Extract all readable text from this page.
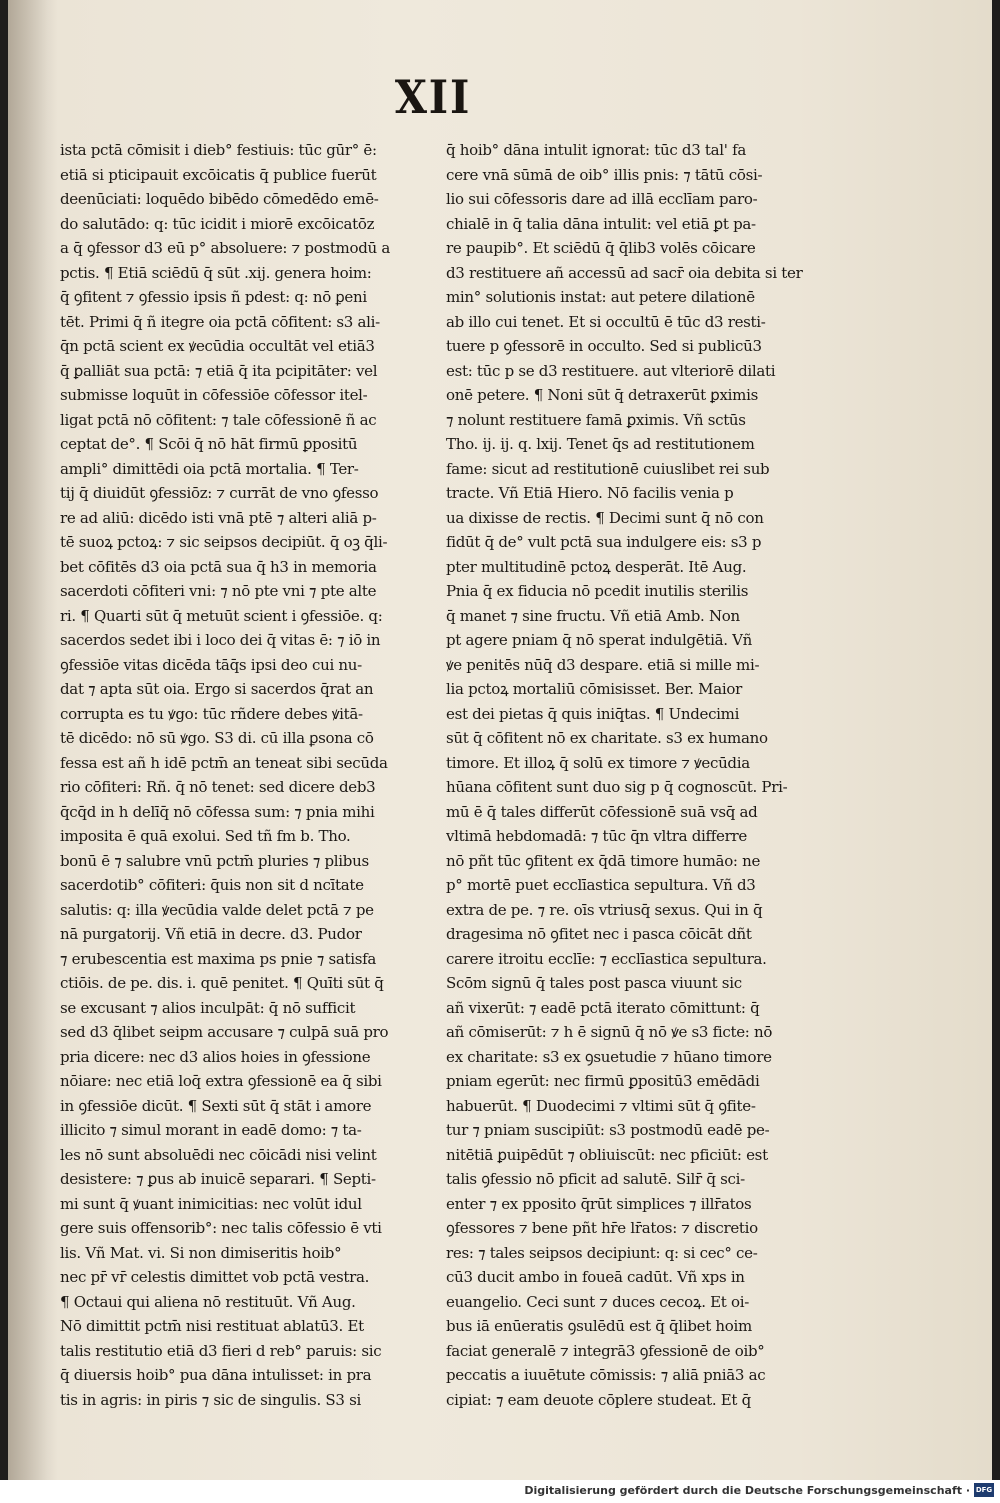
XII
ista pctā cōmisit i dieb° festiuis: tūc gūr° ē:
etiā si pticipauit excōicatis q̄ publice fuerūt
deenūciati: loquēdo bibēdo cōmedēdo emē-
do salutādo: q: tūc icidit i miorē excōicatōz
a q̄ ꝯfessor d3 eū p° absoluere: ⁊ postmodū a
pctis. ¶ Etiā sciēdū q̄ sūt .xij. genera hoim:
q̄ ꝯfitent ⁊ ꝯfessio ipsis ñ pdest: q: nō ꝑeni
tēt. Primi q̄ ñ itegre oia pctā cōfitent: s3 ali-
q̄n pctā scient ex ꝟecūdia occultāt vel etiā3
q̄ ꝑalliāt sua pctā: ⁊ etiā q̄ ita pcipitāter: vel
submisse loquūt in cōfessiōe cōfessor itel-
ligat pctā nō cōfitent: ⁊ tale cōfessionē ñ ac
ceptat de°. ¶ Scōi q̄ nō hāt firmū ꝑpositū
ampli° dimittēdi oia pctā mortalia. ¶ Ter-
tij q̄ diuidūt ꝯfessiōz: ⁊ currāt de vno ꝯfesso
re ad aliū: dicēdo isti vnā ptē ⁊ alteri aliā p-
tē suoꝝ pctoꝝ: ⁊ sic seipsos decipiūt. q̄ oꝫ q̄li-
bet cōfitēs d3 oia pctā sua q̄ h3 in memoria
sacerdoti cōfiteri vni: ⁊ nō pte vni ⁊ pte alte
ri. ¶ Quarti sūt q̄ metuūt scient i ꝯfessiōe. q:
sacerdos sedet ibi i loco dei q̄ vitas ē: ⁊ iō in
ꝯfessiōe vitas dicēda tāq̄s ipsi deo cui nu-
dat ⁊ apta sūt oia. Ergo si sacerdos q̄rat an
corrupta es tu ꝟgo: tūc rñdere debes ꝟitā-
tē dicēdo: nō sū ꝟgo. S3 di. cū illa ꝑsona cō
fessa est añ h idē pctm̄ an teneat sibi secūda
rio cōfiteri: Rñ. q̄ nō tenet: sed dicere deb3
q̄cq̄d in h delīq̄ nō cōfessa sum: ⁊ pnia mihi
imposita ē quā exolui. Sed tñ fm b. Tho.
bonū ē ⁊ salubre vnū pctm̄ pluries ⁊ plibus
sacerdotib° cōfiteri: q̄uis non sit d ncītate
salutis: q: illa ꝟecūdia valde delet pctā ⁊ pe
nā purgatorij. Vñ etiā in decre. d3. Pudor
⁊ erubescentia est maxima ps pnie ⁊ satisfa
ctiōis. de pe. dis. i. quē penitet. ¶ Quīti sūt q̄
se excusant ⁊ alios inculpāt: q̄ nō sufficit
sed d3 q̄libet seipm accusare ⁊ culpā suā pro
pria dicere: nec d3 alios hoies in ꝯfessione
nōiare: nec etiā loq̄ extra ꝯfessionē ea q̄ sibi
in ꝯfessiōe dicūt. ¶ Sexti sūt q̄ stāt i amore
illicito ⁊ simul morant in eadē domo: ⁊ ta-
les nō sunt absoluēdi nec cōicādi nisi velint
desistere: ⁊ ꝑus ab inuicē separari. ¶ Septi-
mi sunt q̄ ꝟuant inimicitias: nec volūt idul
gere suis offensorib°: nec talis cōfessio ē vti
lis. Vñ Mat. vi. Si non dimiseritis hoib°
nec pr̄ vr̄ celestis dimittet vob pctā vestra.
¶ Octaui qui aliena nō restituūt. Vñ Aug.
Nō dimittit pctm̄ nisi restituat ablatū3. Et
talis restitutio etiā d3 fieri d reb° paruis: sic
q̄ diuersis hoib° pua dāna intulisset: in pra
tis in agris: in piris ⁊ sic de singulis. S3 si
q̄ hoib° dāna intulit ignorat: tūc d3 tal' fa
cere vnā sūmā de oib° illis pnis: ⁊ tātū cōsi-
lio sui cōfessoris dare ad illā ecclīam paro-
chialē in q̄ talia dāna intulit: vel etiā ꝑt pa-
re paupib°. Et sciēdū q̄ q̄lib3 volēs cōicare
d3 restituere añ accessū ad sacr̄ oia debita si ter
min° solutionis instat: aut petere dilationē
ab illo cui tenet. Et si occultū ē tūc d3 resti-
tuere p ꝯfessorē in occulto. Sed si publicū3
est: tūc p se d3 restituere. aut vlteriorē dilati
onē petere. ¶ Noni sūt q̄ detraxerūt ꝑximis
⁊ nolunt restituere famā ꝑximis. Vñ sctūs
Tho. ij. ij. q. lxij. Tenet q̄s ad restitutionem
fame: sicut ad restitutionē cuiuslibet rei sub
tracte. Vñ Etiā Hiero. Nō facilis venia p
ua dixisse de rectis. ¶ Decimi sunt q̄ nō con
fidūt q̄ de° vult pctā sua indulgere eis: s3 p
pter multitudinē pctoꝝ desperāt. Itē Aug.
Pnia q̄ ex fiducia nō pcedit inutilis sterilis
q̄ manet ⁊ sine fructu. Vñ etiā Amb. Non
pt agere pniam q̄ nō sperat indulgētiā. Vñ
ꝟe penitēs nūq̄ d3 despare. etiā si mille mi-
lia pctoꝝ mortaliū cōmisisset. Ber. Maior
est dei pietas q̄ quis iniq̄tas. ¶ Undecimi
sūt q̄ cōfitent nō ex charitate. s3 ex humano
timore. Et illoꝝ q̄ solū ex timore ⁊ ꝟecūdia
hūana cōfitent sunt duo sig p q̄ cognoscūt. Pri-
mū ē q̄ tales differūt cōfessionē suā vsq̄ ad
vltimā hebdomadā: ⁊ tūc q̄n vltra differre
nō pñt tūc ꝯfitent ex q̄dā timore humāo: ne
p° mortē puet ecclīastica sepultura. Vñ d3
extra de pe. ⁊ re. oīs vtriusq̄ sexus. Qui in q̄
dragesima nō ꝯfitet nec i pasca cōicāt dñt
carere itroitu ecclīe: ⁊ ecclīastica sepultura.
Scōm signū q̄ tales post pasca viuunt sic
añ vixerūt: ⁊ eadē pctā iterato cōmittunt: q̄
añ cōmiserūt: ⁊ h ē signū q̄ nō ꝟe s3 ficte: nō
ex charitate: s3 ex ꝯsuetudie ⁊ hūano timore
pniam egerūt: nec firmū ꝑpositū3 emēdādi
habuerūt. ¶ Duodecimi ⁊ vltimi sūt q̄ ꝯfite-
tur ⁊ pniam suscipiūt: s3 postmodū eadē pe-
nitētiā ꝑuipēdūt ⁊ obliuiscūt: nec pficiūt: est
talis ꝯfessio nō pficit ad salutē. Silr̄ q̄ sci-
enter ⁊ ex pposito q̄rūt simplices ⁊ illr̄atos
ꝯfessores ⁊ bene pñt hr̄e lr̄atos: ⁊ discretio
res: ⁊ tales seipsos decipiunt: q: si cec° ce-
cū3 ducit ambo in foueā cadūt. Vñ xps in
euangelio. Ceci sunt ⁊ duces cecoꝝ. Et oi-
bus iā enūeratis ꝯsulēdū est q̄ q̄libet hoim
faciat generalē ⁊ integrā3 ꝯfessionē de oib°
peccatis a iuuētute cōmissis: ⁊ aliā pniā3 ac
cipiat: ⁊ eam deuote cōplere studeat. Et q̄
Digitalisierung gefördert durch die Deutsche Forschungsgemeinschaft · DFG
